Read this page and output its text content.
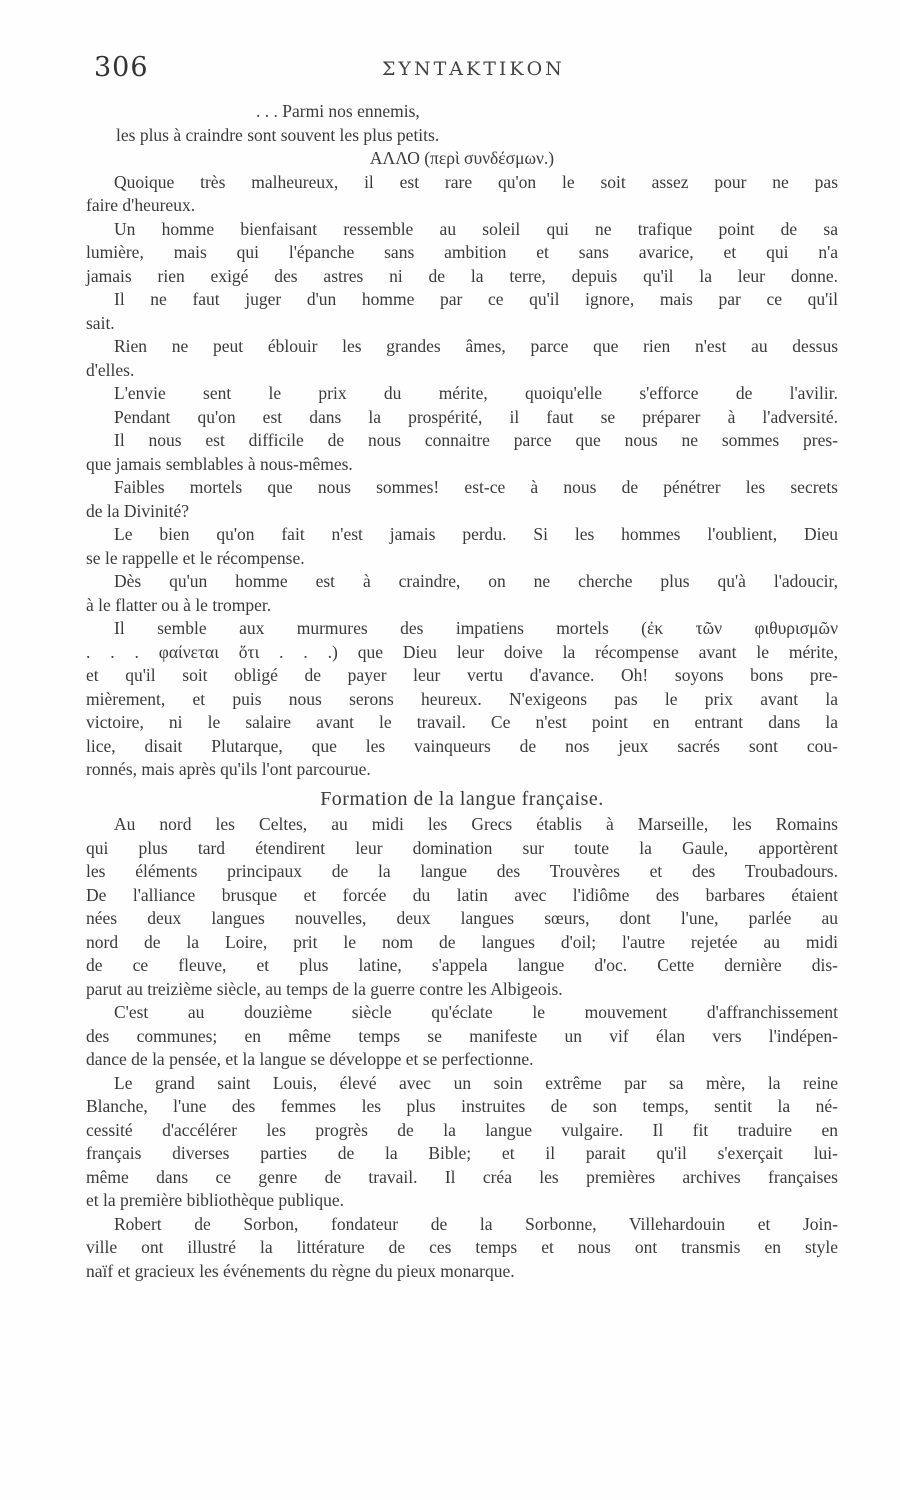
306	ΣΥΝΤΑΚΤΙΚΟΝ

. . . Parmi nos ennemis,

les plus à craindre sont souvent les plus petits.

ΑΛΛΟ (περὶ συνδέσμων.)

Quoique très malheureux, il est rare qu'on le soit assez pour ne pas

faire d'heureux.

Un homme bienfaisant ressemble au soleil qui ne trafique point de sa

lumière, mais qui l'épanche sans ambition et sans avarice, et qui n'a

jamais rien exigé des astres ni de la terre, depuis qu'il la leur donne.

Il ne faut juger d'un homme par ce qu'il ignore, mais par ce qu'il

sait.

Rien ne peut éblouir les grandes âmes, parce que rien n'est au dessus

d'elles.

L'envie sent le prix du mérite, quoiqu'elle s'efforce de l'avilir.

Pendant qu'on est dans la prospérité, il faut se préparer à l'adversité.

Il nous est difficile de nous connaitre parce que nous ne sommes pres-

que jamais semblables à nous-mêmes.

Faibles mortels que nous sommes! est-ce à nous de pénétrer les secrets

de la Divinité?

Le bien qu'on fait n'est jamais perdu. Si les hommes l'oublient, Dieu

se le rappelle et le récompense.

Dès qu'un homme est à craindre, on ne cherche plus qu'à l'adoucir,

à le flatter ou à le tromper.

Il semble aux murmures des impatiens mortels (ἐκ τῶν φιθυρισμῶν

. . . φαίνεται ὅτι . . .) que Dieu leur doive la récompense avant le mérite,

et qu'il soit obligé de payer leur vertu d'avance. Oh! soyons bons pre-

mièrement, et puis nous serons heureux. N'exigeons pas le prix avant la

victoire, ni le salaire avant le travail. Ce n'est point en entrant dans la

lice, disait Plutarque, que les vainqueurs de nos jeux sacrés sont cou-

ronnés, mais après qu'ils l'ont parcourue.

Formation de la langue française.

Au nord les Celtes, au midi les Grecs établis à Marseille, les Romains

qui plus tard étendirent leur domination sur toute la Gaule, apportèrent

les éléments principaux de la langue des Trouvères et des Troubadours.

De l'alliance brusque et forcée du latin avec l'idiôme des barbares étaient

nées deux langues nouvelles, deux langues sœurs, dont l'une, parlée au

nord de la Loire, prit le nom de langues d'oil; l'autre rejetée au midi

de ce fleuve, et plus latine, s'appela langue d'oc. Cette dernière dis-

parut au treizième siècle, au temps de la guerre contre les Albigeois.

C'est au douzième siècle qu'éclate le mouvement d'affranchissement

des communes; en même temps se manifeste un vif élan vers l'indépen-

dance de la pensée, et la langue se développe et se perfectionne.

Le grand saint Louis, élevé avec un soin extrême par sa mère, la reine

Blanche, l'une des femmes les plus instruites de son temps, sentit la né-

cessité d'accélérer les progrès de la langue vulgaire. Il fit traduire en

français diverses parties de la Bible; et il parait qu'il s'exerçait lui-

même dans ce genre de travail. Il créa les premières archives françaises

et la première bibliothèque publique.

Robert de Sorbon, fondateur de la Sorbonne, Villehardouin et Join-

ville ont illustré la littérature de ces temps et nous ont transmis en style

naïf et gracieux les événements du règne du pieux monarque.
